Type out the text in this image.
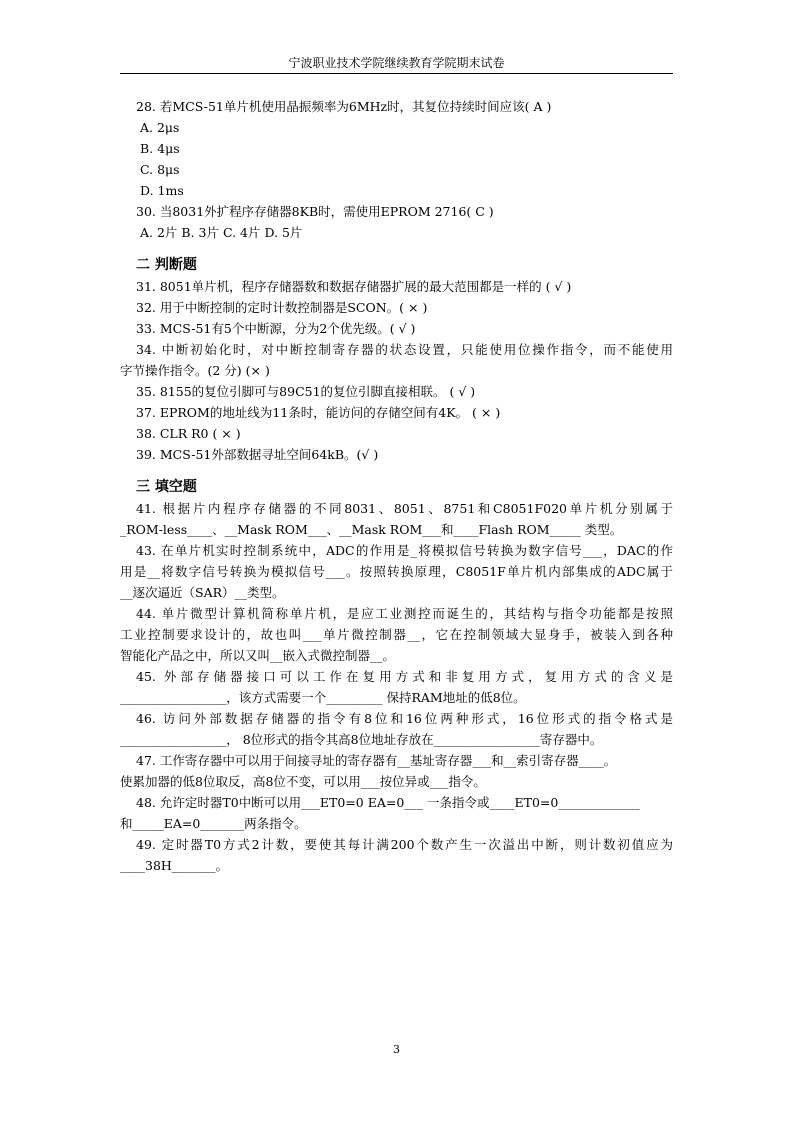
宁波职业技术学院继续教育学院期末试卷
28. 若MCS-51单片机使用晶振频率为6MHz时，其复位持续时间应该( A )
A. 2μs
B. 4μs
C. 8μs
D. 1ms
30. 当8031外扩程序存储器8KB时，需使用EPROM 2716( C )
A. 2片 B. 3片 C. 4片 D. 5片
二 判断题
31. 8051单片机，程序存储器数和数据存储器扩展的最大范围都是一样的 ( √ )
32. 用于中断控制的定时计数控制器是SCON。( × )
33. MCS-51有5个中断源，分为2个优先级。( √ )
34. 中断初始化时，对中断控制寄存器的状态设置，只能使用位操作指令，而不能使用
字节操作指令。(2 分) (× )
35. 8155的复位引脚可与89C51的复位引脚直接相联。 ( √ )
37. EPROM的地址线为11条时，能访问的存储空间有4K。 ( × )
38. CLR R0 ( × )
39. MCS-51外部数据寻址空间64kB。(√ )
三 填空题
41. 根据片内程序存储器的不同8031、8051、8751和C8051F020单片机分别属于
_ROM-less____、__Mask ROM___、__Mask ROM___和____Flash ROM_____ 类型。
43. 在单片机实时控制系统中，ADC的作用是_将模拟信号转换为数字信号___，DAC的作
用是__将数字信号转换为模拟信号___。按照转换原理，C8051F单片机内部集成的ADC属于
__逐次逼近（SAR）__类型。
44. 单片微型计算机简称单片机，是应工业测控而诞生的，其结构与指令功能都是按照
工业控制要求设计的，故也叫___单片微控制器__，它在控制领域大显身手，被装入到各种
智能化产品之中，所以又叫__嵌入式微控制器__。
45. 外部存储器接口可以工作在复用方式和非复用方式，复用方式的含义是
_________________，该方式需要一个_________ 保持RAM地址的低8位。
46. 访问外部数据存储器的指令有8位和16位两种形式，16位形式的指令格式是
_________________， 8位形式的指令其高8位地址存放在_________________寄存器中。
47. 工作寄存器中可以用于间接寻址的寄存器有__基址寄存器___和__索引寄存器____。
使累加器的低8位取反，高8位不变，可以用___按位异或___指令。
48. 允许定时器T0中断可以用___ET0=0 EA=0___ 一条指令或____ET0=0_____________
和_____EA=0_______两条指令。
49. 定时器T0方式2计数，要使其每计满200个数产生一次溢出中断，则计数初值应为
____38H_______。
3
